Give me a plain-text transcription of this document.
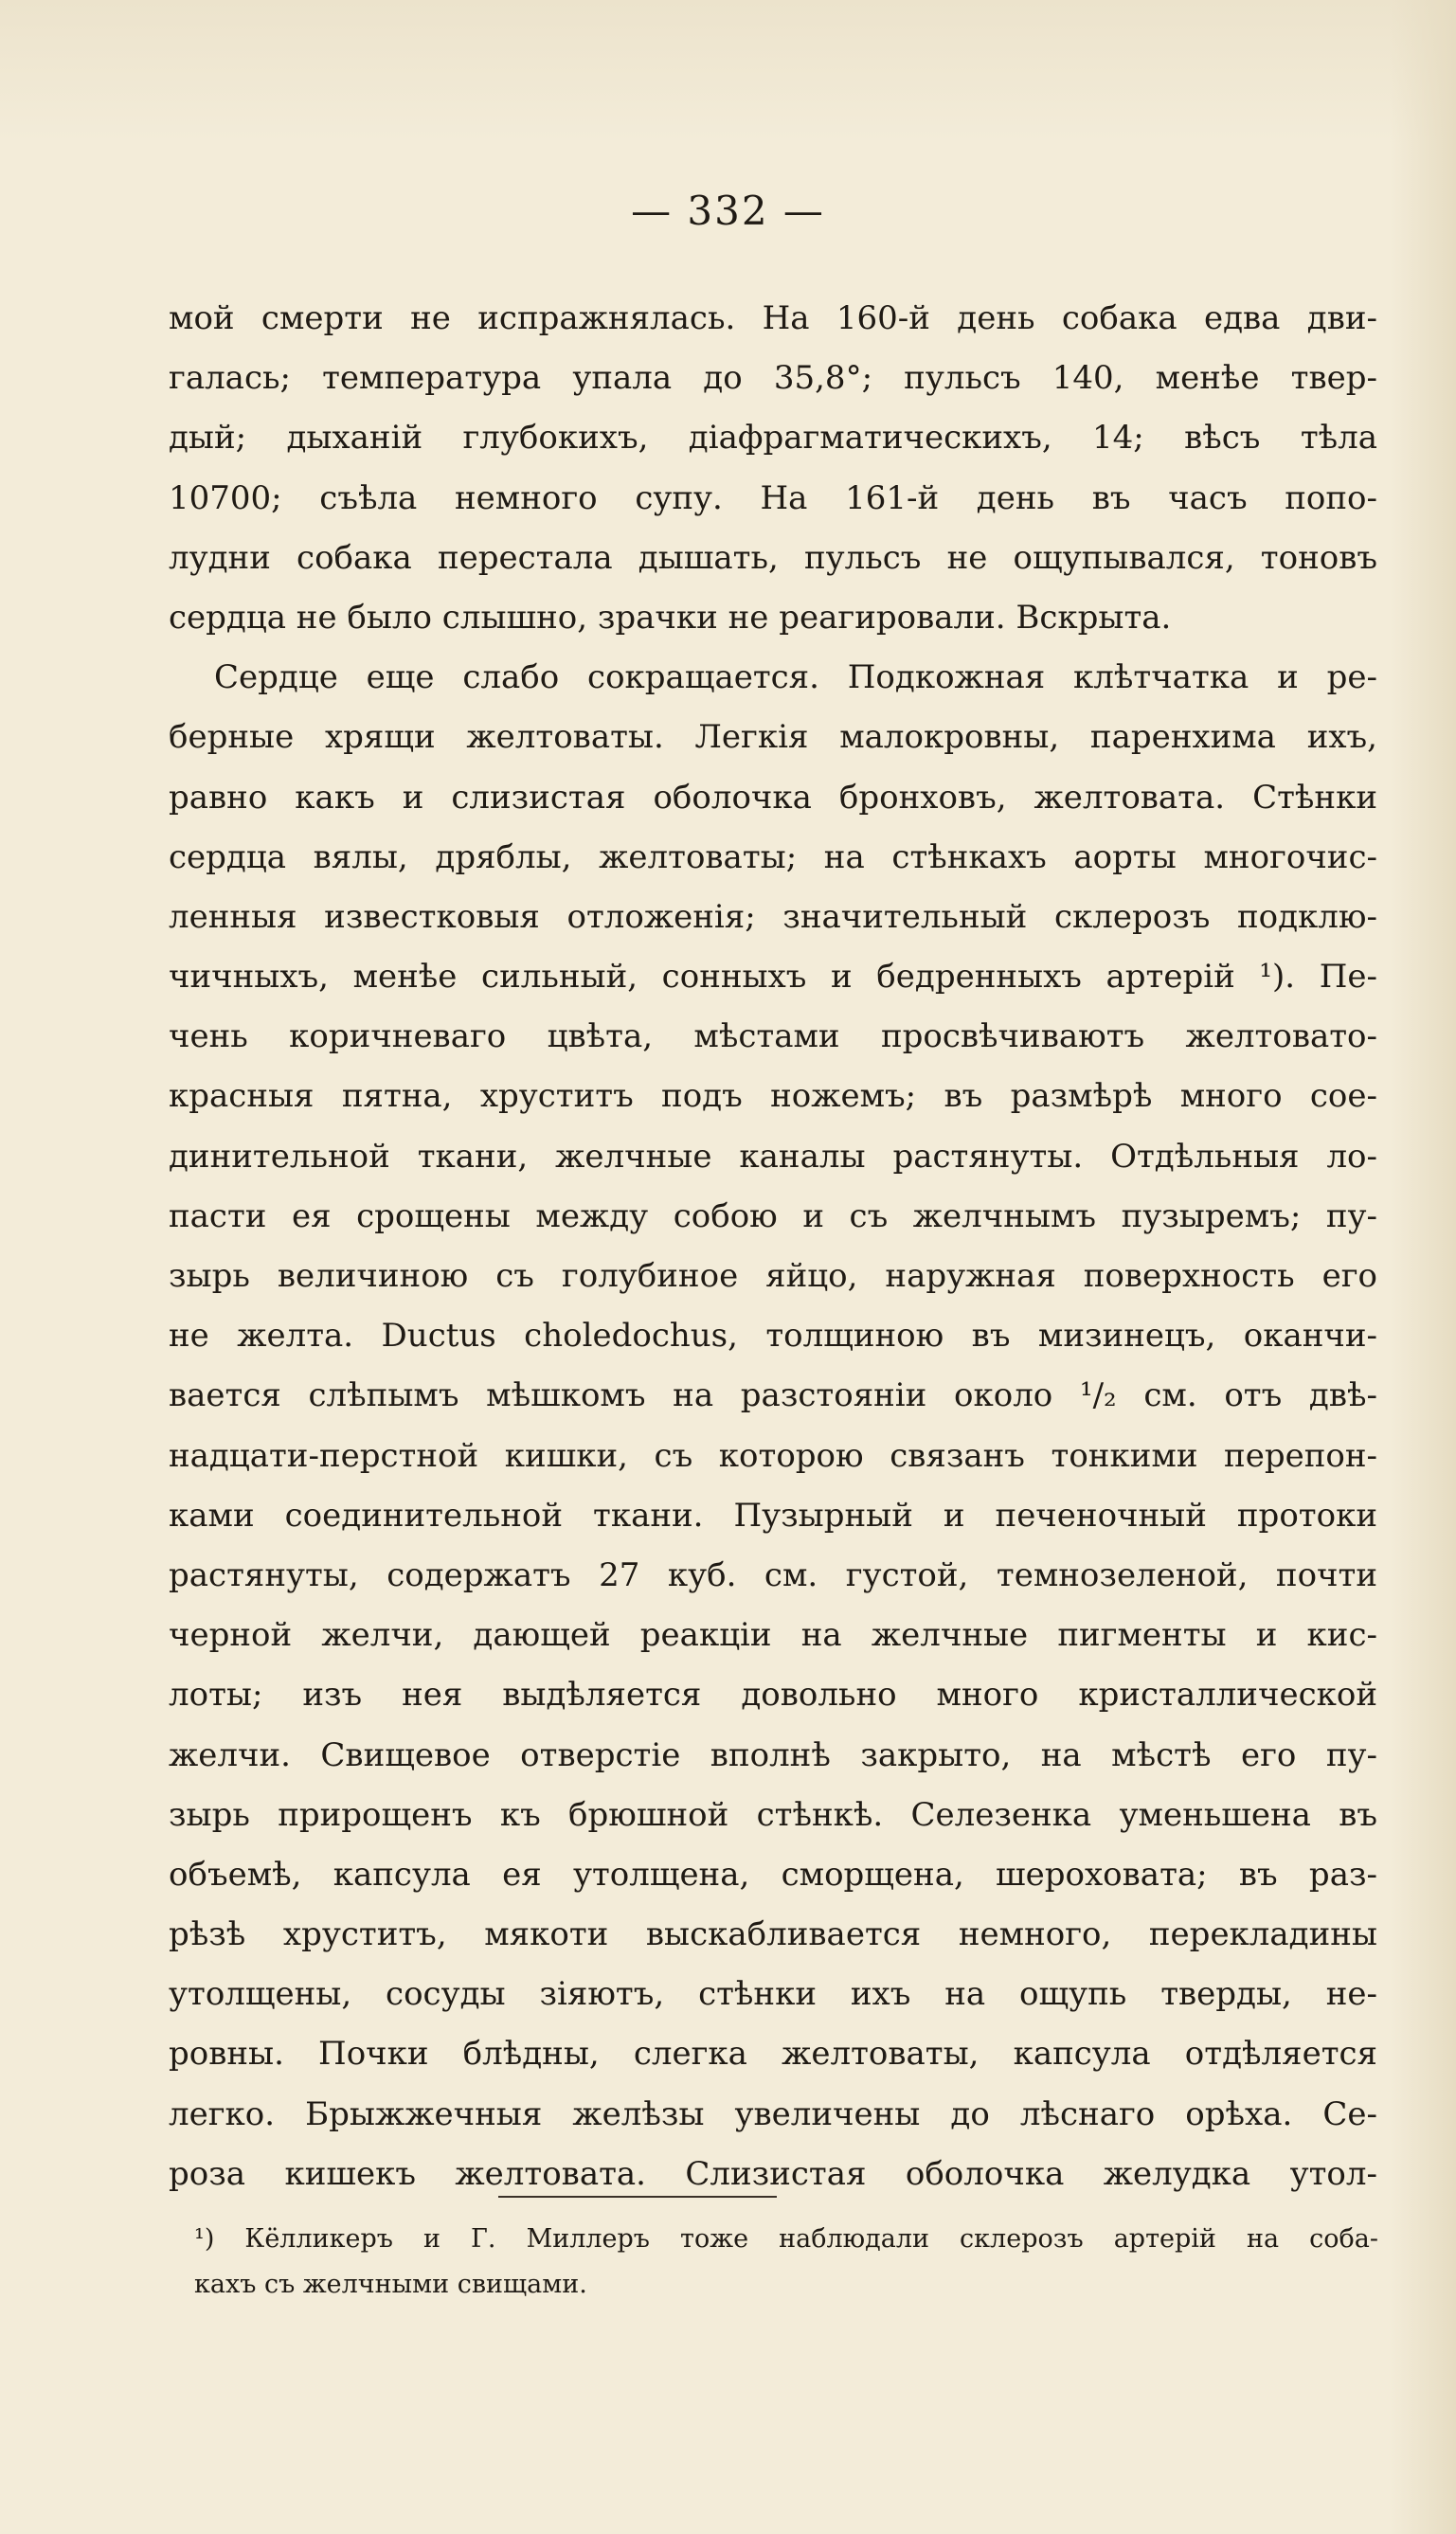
— 332 —
мой смерти не испражнялась. На 160-й день собака едва дви-
галась; температура упала до 35,8°; пульсъ 140, менѣе твер-
дый; дыханій глубокихъ, діафрагматическихъ, 14; вѣсъ тѣла
10700; съѣла немного супу. На 161-й день въ часъ попо-
лудни собака перестала дышать, пульсъ не ощупывался, тоновъ
сердца не было слышно, зрачки не реагировали. Вскрыта.
Сердце еще слабо сокращается. Подкожная клѣтчатка и ре-
берные хрящи желтоваты. Легкія малокровны, паренхима ихъ,
равно какъ и слизистая оболочка бронховъ, желтовата. Стѣнки
сердца вялы, дряблы, желтоваты; на стѣнкахъ аорты многочис-
ленныя известковыя отложенія; значительный склерозъ подклю-
чичныхъ, менѣе сильный, сонныхъ и бедренныхъ артерій ¹). Пе-
чень коричневаго цвѣта, мѣстами просвѣчиваютъ желтовато-
красныя пятна, хруститъ подъ ножемъ; въ размѣрѣ много сое-
динительной ткани, желчные каналы растянуты. Отдѣльныя ло-
пасти ея срощены между собою и съ желчнымъ пузыремъ; пу-
зырь величиною съ голубиное яйцо, наружная поверхность его
не желта. Ductus choledochus, толщиною въ мизинецъ, оканчи-
вается слѣпымъ мѣшкомъ на разстояніи около ¹/₂ см. отъ двѣ-
надцати-перстной кишки, съ которою связанъ тонкими перепон-
ками соединительной ткани. Пузырный и печеночный протоки
растянуты, содержатъ 27 куб. см. густой, темнозеленой, почти
черной желчи, дающей реакціи на желчные пигменты и кис-
лоты; изъ нея выдѣляется довольно много кристаллической
желчи. Свищевое отверстіе вполнѣ закрыто, на мѣстѣ его пу-
зырь прирощенъ къ брюшной стѣнкѣ. Селезенка уменьшена въ
объемѣ, капсула ея утолщена, сморщена, шероховата; въ раз-
рѣзѣ хруститъ, мякоти выскабливается немного, перекладины
утолщены, сосуды зіяютъ, стѣнки ихъ на ощупь тверды, не-
ровны. Почки блѣдны, слегка желтоваты, капсула отдѣляется
легко. Брыжжечныя желѣзы увеличены до лѣснаго орѣха. Се-
роза кишекъ желтовата. Слизистая оболочка желудка утол-
¹) Кёлликеръ и Г. Миллеръ тоже наблюдали склерозъ артерій на соба-
кахъ съ желчными свищами.
